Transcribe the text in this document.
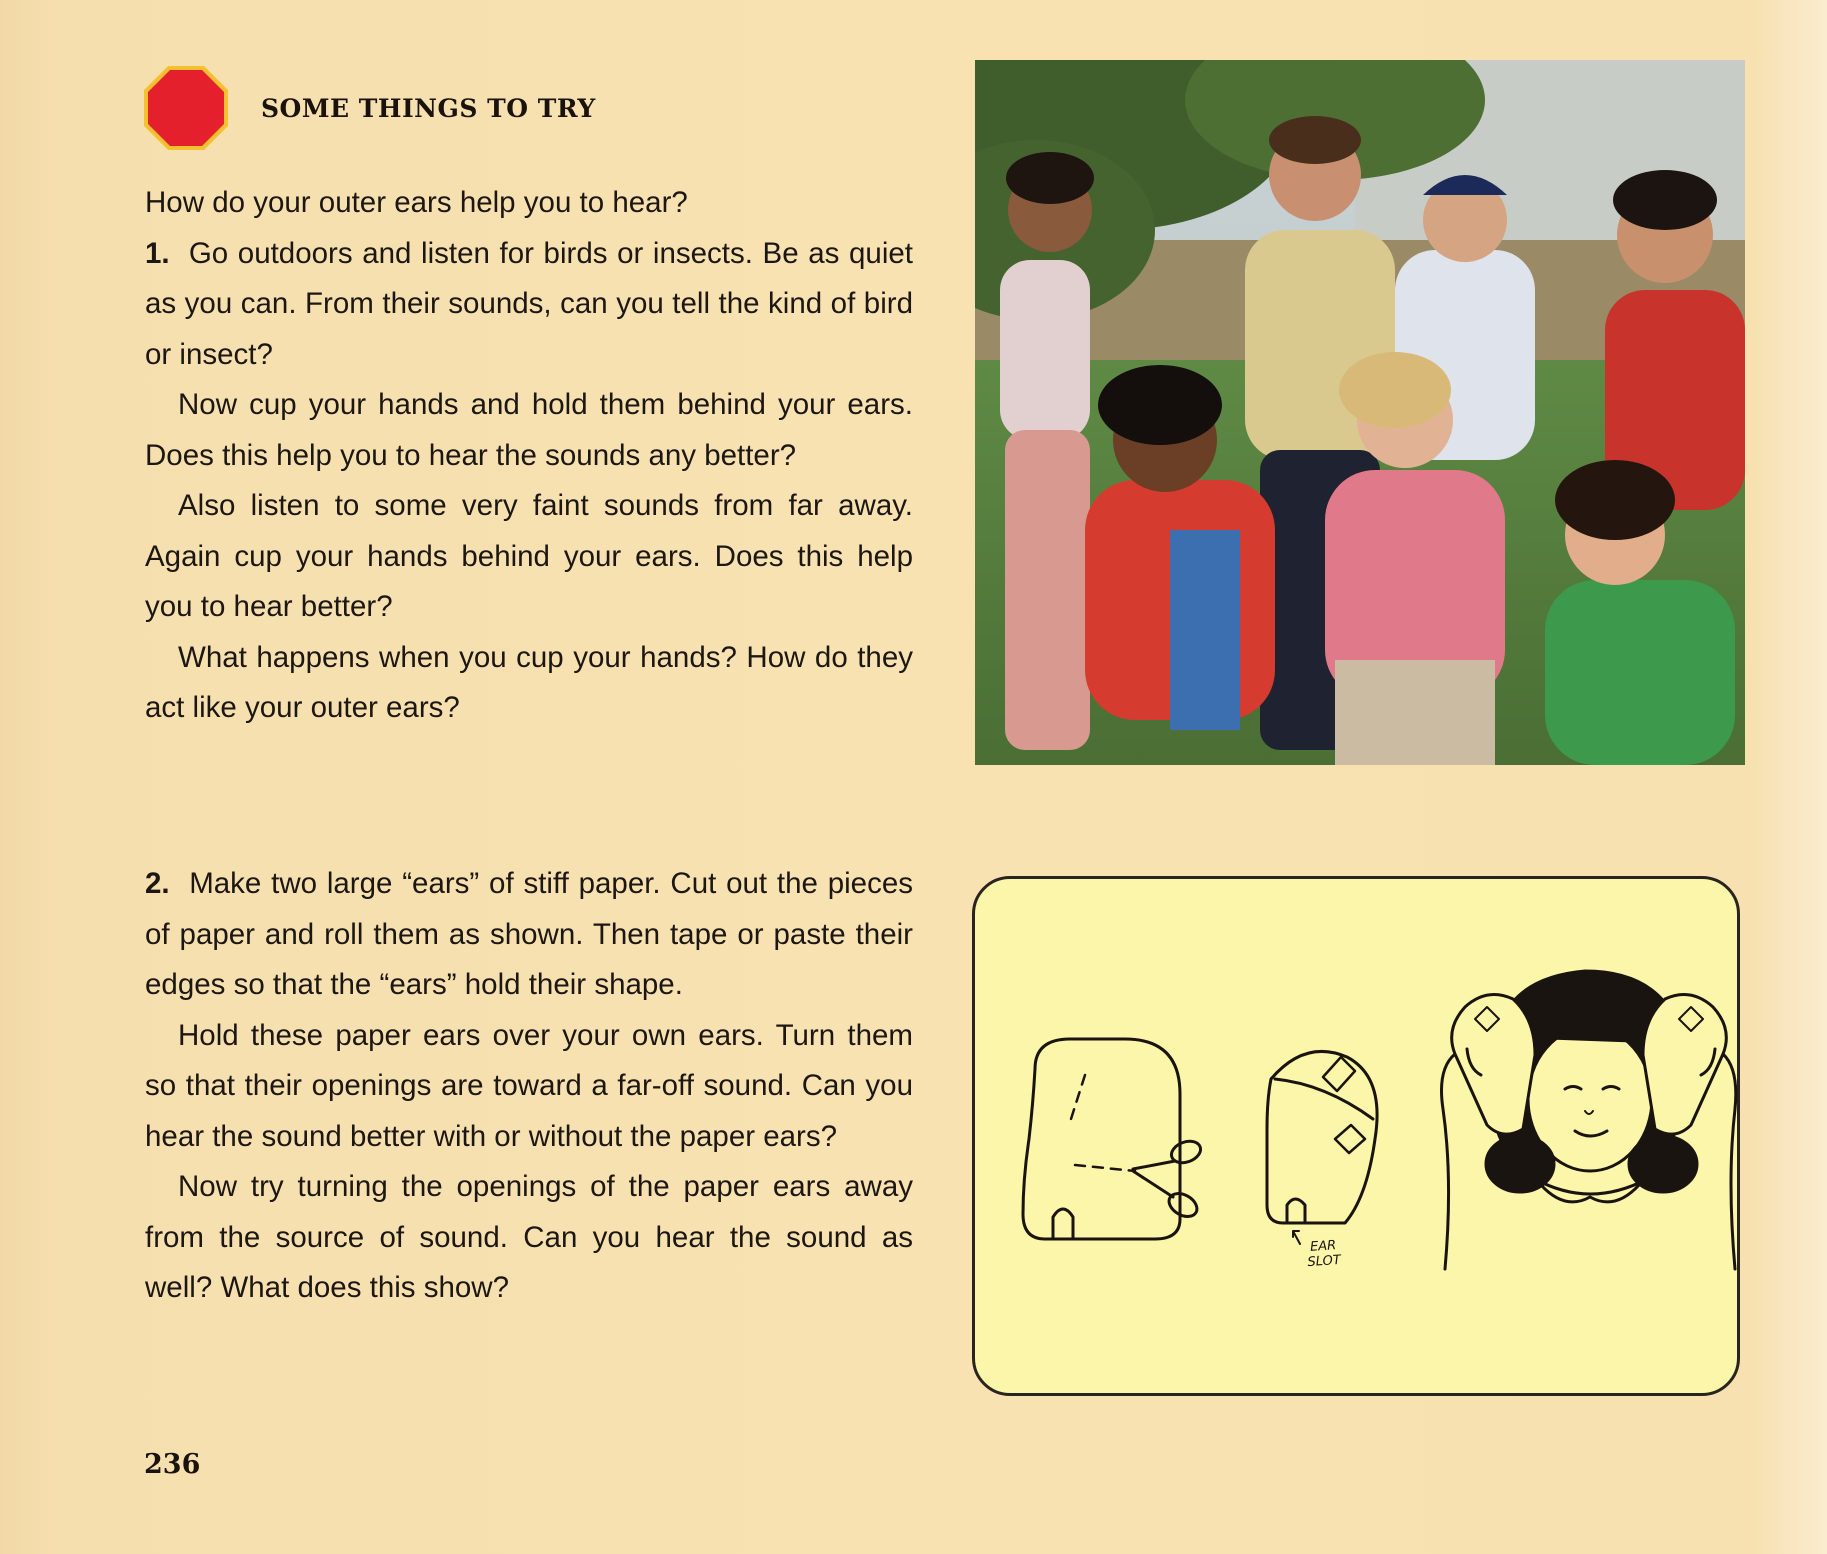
SOME THINGS TO TRY

How do your outer ears help you to hear?

1. Go outdoors and listen for birds or insects. Be as quiet as you can. From their sounds, can you tell the kind of bird or insect?

Now cup your hands and hold them behind your ears. Does this help you to hear the sounds any better?

Also listen to some very faint sounds from far away. Again cup your hands behind your ears. Does this help you to hear better?

What happens when you cup your hands? How do they act like your outer ears?

2. Make two large “ears” of stiff paper. Cut out the pieces of paper and roll them as shown. Then tape or paste their edges so that the “ears” hold their shape.

Hold these paper ears over your own ears. Turn them so that their openings are toward a far-off sound. Can you hear the sound better with or without the paper ears?

Now try turning the openings of the paper ears away from the source of sound. Can you hear the sound as well? What does this show?

EAR
SLOT
236
